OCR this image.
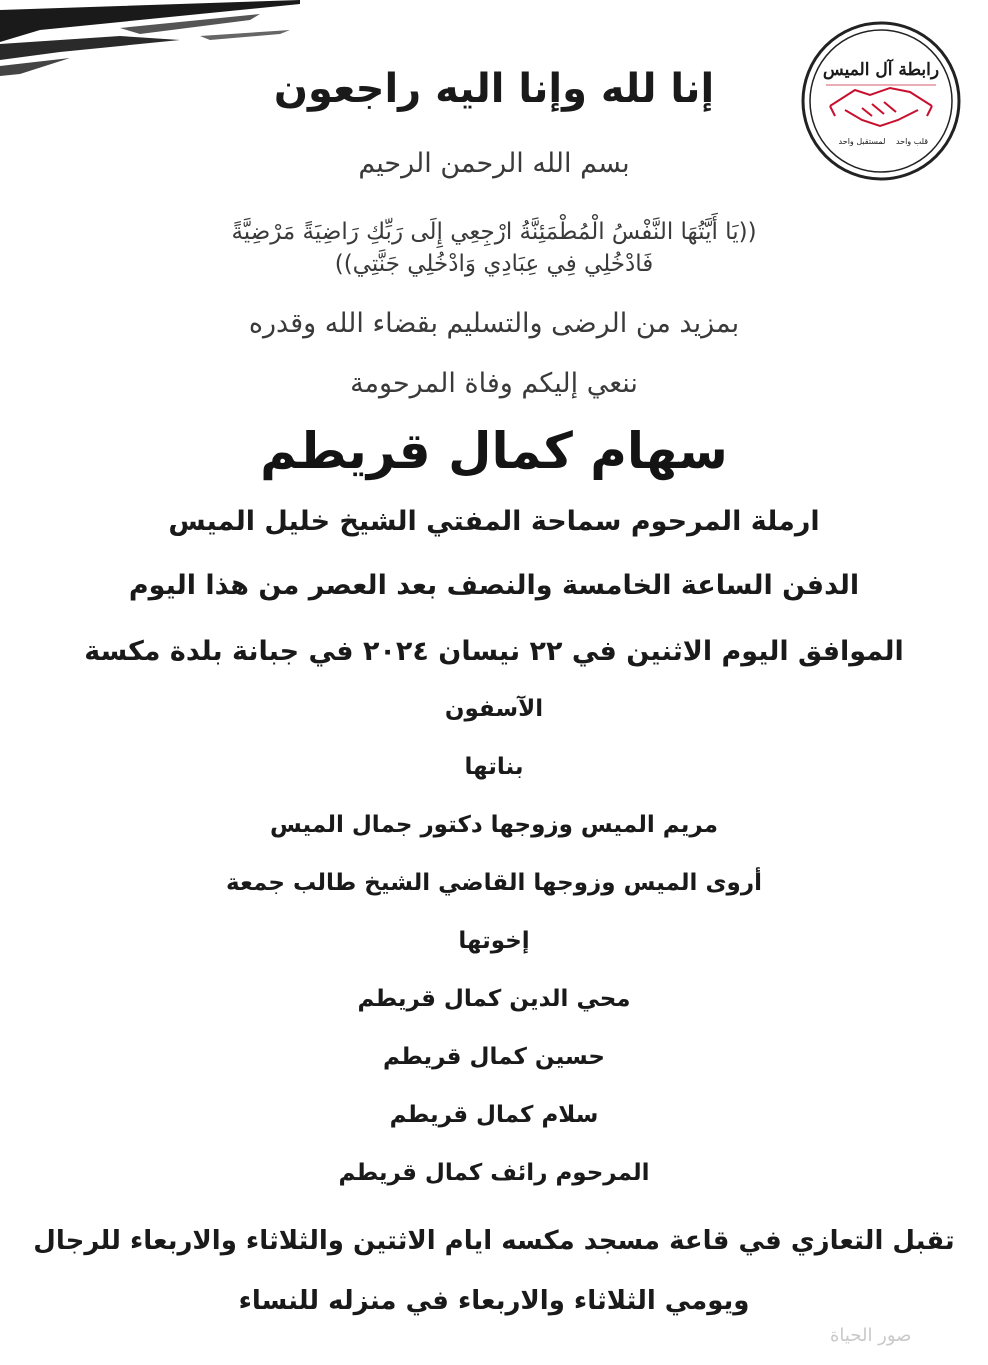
رابطة آل الميس
قلب واحد
لمستقبل واحد

إنا لله وإنا اليه راجعون

بسم الله الرحمن الرحيم

((يَا أَيَّتُهَا النَّفْسُ الْمُطْمَئِنَّةُ ارْجِعِي إِلَى رَبِّكِ رَاضِيَةً مَرْضِيَّةً

فَادْخُلِي فِي عِبَادِي وَادْخُلِي جَنَّتِي))

بمزيد من الرضى والتسليم بقضاء الله وقدره

ننعي إليكم وفاة المرحومة

سهام كمال قريطم

ارملة المرحوم سماحة المفتي الشيخ خليل الميس

الدفن الساعة الخامسة والنصف بعد العصر من هذا اليوم

الموافق اليوم الاثنين في ٢٢ نيسان ٢٠٢٤ في جبانة بلدة مكسة

الآسفون

بناتها

مريم الميس وزوجها دكتور جمال الميس

أروى الميس وزوجها القاضي الشيخ طالب جمعة

إخوتها

محي الدين كمال قريطم

حسين كمال قريطم

سلام كمال قريطم

المرحوم رائف كمال قريطم

تقبل التعازي في قاعة مسجد مكسه ايام الاثتين والثلاثاء والاربعاء للرجال

ويومي الثلاثاء والاربعاء في منزله للنساء

صور الحياة
